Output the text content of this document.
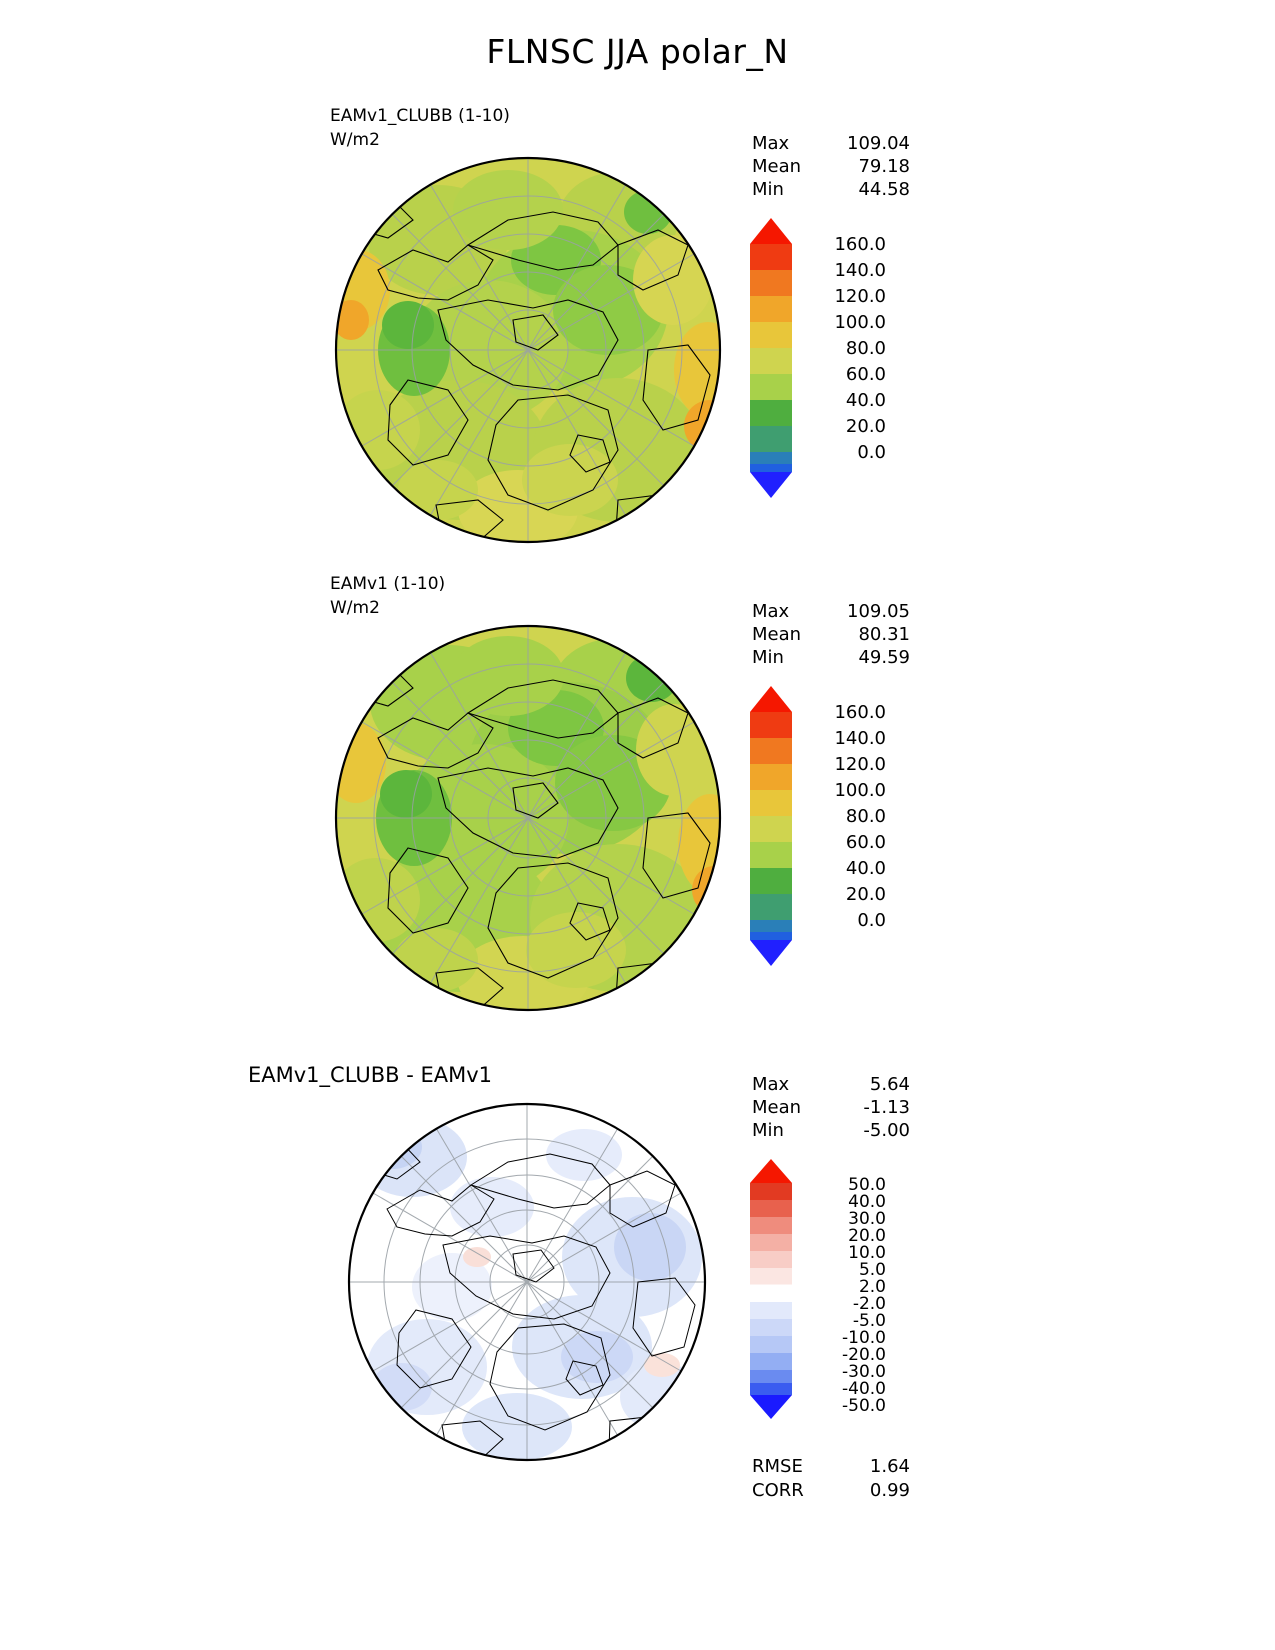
FLNSC JJA polar_N
EAMv1_CLUBB (1-10)
W/m2	Max	109.04
Mean	79.18
Min	44.58
160.0
140.0
120.0
100.0
80.0
60.0
40.0
20.0
0.0
EAMv1 (1-10)
W/m2	Max	109.05
Mean	80.31
Min	49.59
160.0
140.0
120.0
100.0
80.0
60.0
40.0
20.0
0.0
EAMv1_CLUBB - EAMv1	Max	5.64
Mean	-1.13
Min	-5.00
50.0
40.0
30.0
20.0
10.0
5.0
2.0
-2.0
-5.0
-10.0
-20.0
-30.0
-40.0
-50.0
RMSE	1.64
CORR	0.99
